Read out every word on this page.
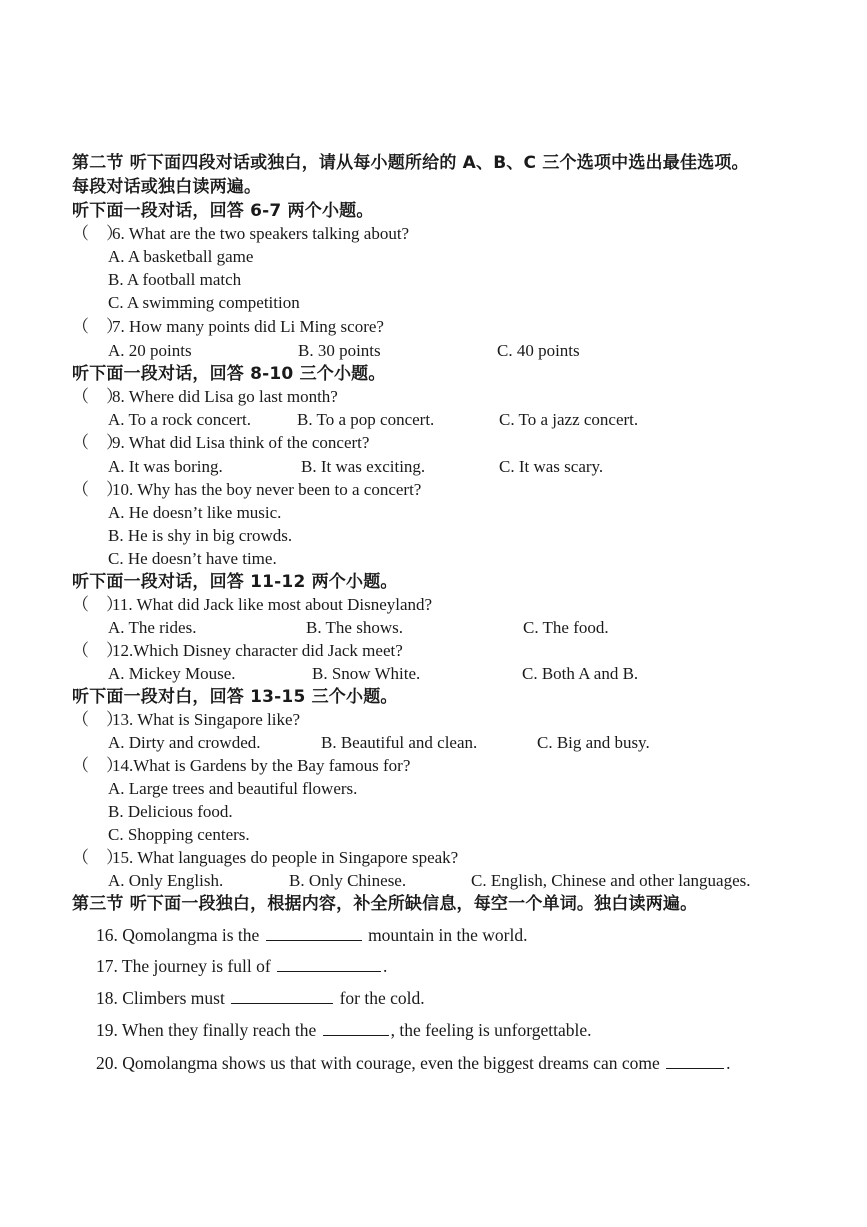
第二节 听下面四段对话或独白，请从每小题所给的 A、B、C 三个选项中选出最佳选项。
每段对话或独白读两遍。
听下面一段对话，回答 6-7 两个小题。
（　）6. What are the two speakers talking about?
A. A basketball game
B. A football match
C. A swimming competition
（　）7. How many points did Li Ming score?
A. 20 points	B. 30 points	C. 40 points
听下面一段对话，回答 8-10 三个小题。
（　）8. Where did Lisa go last month?
A. To a rock concert.	B. To a pop concert.	C. To a jazz concert.
（　）9. What did Lisa think of the concert?
A. It was boring.	B. It was exciting.	C. It was scary.
（　）10. Why has the boy never been to a concert?
A. He doesn’t like music.
B. He is shy in big crowds.
C. He doesn’t have time.
听下面一段对话，回答 11-12 两个小题。
（　）11. What did Jack like most about Disneyland?
A. The rides.	B. The shows.	C. The food.
（　）12.Which Disney character did Jack meet?
A. Mickey Mouse.	B. Snow White.	C. Both A and B.
听下面一段对白，回答 13-15 三个小题。
（　）13. What is Singapore like?
A. Dirty and crowded.	B. Beautiful and clean.	C. Big and busy.
（　）14.What is Gardens by the Bay famous for?
A. Large trees and beautiful flowers.
B. Delicious food.
C. Shopping centers.
（　）15. What languages do people in Singapore speak?
A. Only English.	B. Only Chinese.	C. English, Chinese and other languages.
第三节 听下面一段独白，根据内容，补全所缺信息，每空一个单词。独白读两遍。
16. Qomolangma is the	mountain in the world.
17. The journey is full of	.
18. Climbers must	for the cold.
19. When they finally reach the	, the feeling is unforgettable.
20. Qomolangma shows us that with courage, even the biggest dreams can come	.
